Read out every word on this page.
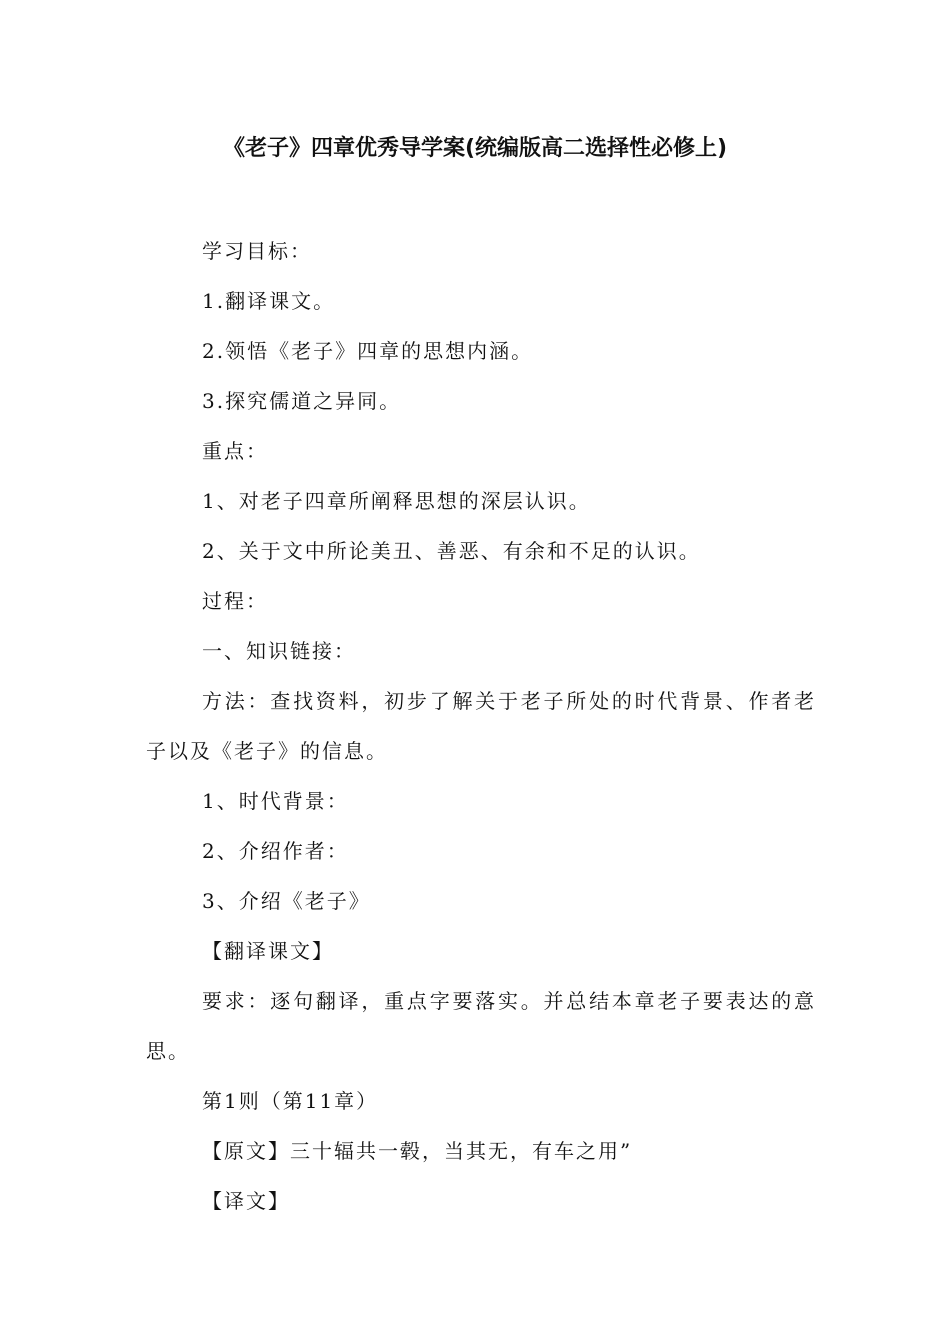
《老子》四章优秀导学案(统编版高二选择性必修上)
学习目标：
1.翻译课文。
2.领悟《老子》四章的思想内涵。
3.探究儒道之异同。
重点：
1、对老子四章所阐释思想的深层认识。
2、关于文中所论美丑、善恶、有余和不足的认识。
过程：
一、知识链接：
方法：查找资料，初步了解关于老子所处的时代背景、作者老子以及《老子》的信息。
1、时代背景：
2、介绍作者：
3、介绍《老子》
【翻译课文】
要求：逐句翻译，重点字要落实。并总结本章老子要表达的意思。
第1则（第11章）
【原文】三十辐共一毂，当其无，有车之用”
【译文】
